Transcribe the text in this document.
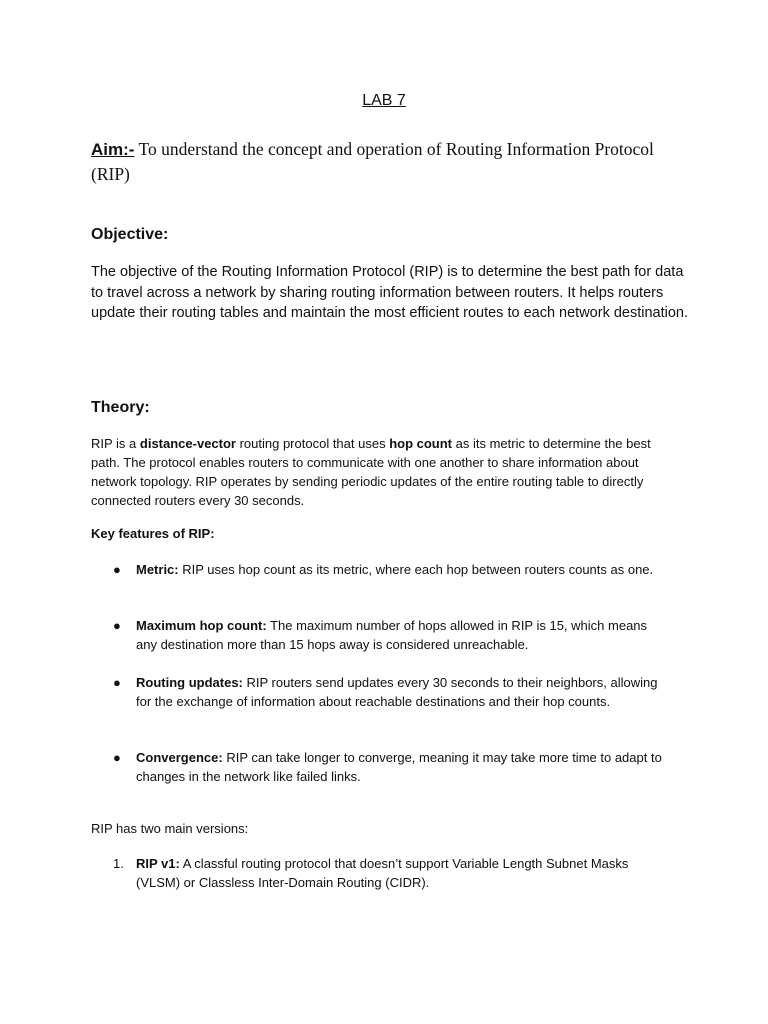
LAB 7
Aim:- To understand the concept and operation of Routing Information Protocol (RIP)
Objective:

The objective of the Routing Information Protocol (RIP) is to determine the best path for data to travel across a network by sharing routing information between routers. It helps routers update their routing tables and maintain the most efficient routes to each network destination.

Theory:

RIP is a distance-vector routing protocol that uses hop count as its metric to determine the best path. The protocol enables routers to communicate with one another to share information about network topology. RIP operates by sending periodic updates of the entire routing table to directly connected routers every 30 seconds.

Key features of RIP:
● Metric: RIP uses hop count as its metric, where each hop between routers counts as one.
● Maximum hop count: The maximum number of hops allowed in RIP is 15, which means any destination more than 15 hops away is considered unreachable.
● Routing updates: RIP routers send updates every 30 seconds to their neighbors, allowing for the exchange of information about reachable destinations and their hop counts.
● Convergence: RIP can take longer to converge, meaning it may take more time to adapt to changes in the network like failed links.
RIP has two main versions:
1. RIP v1: A classful routing protocol that doesn’t support Variable Length Subnet Masks (VLSM) or Classless Inter-Domain Routing (CIDR).
